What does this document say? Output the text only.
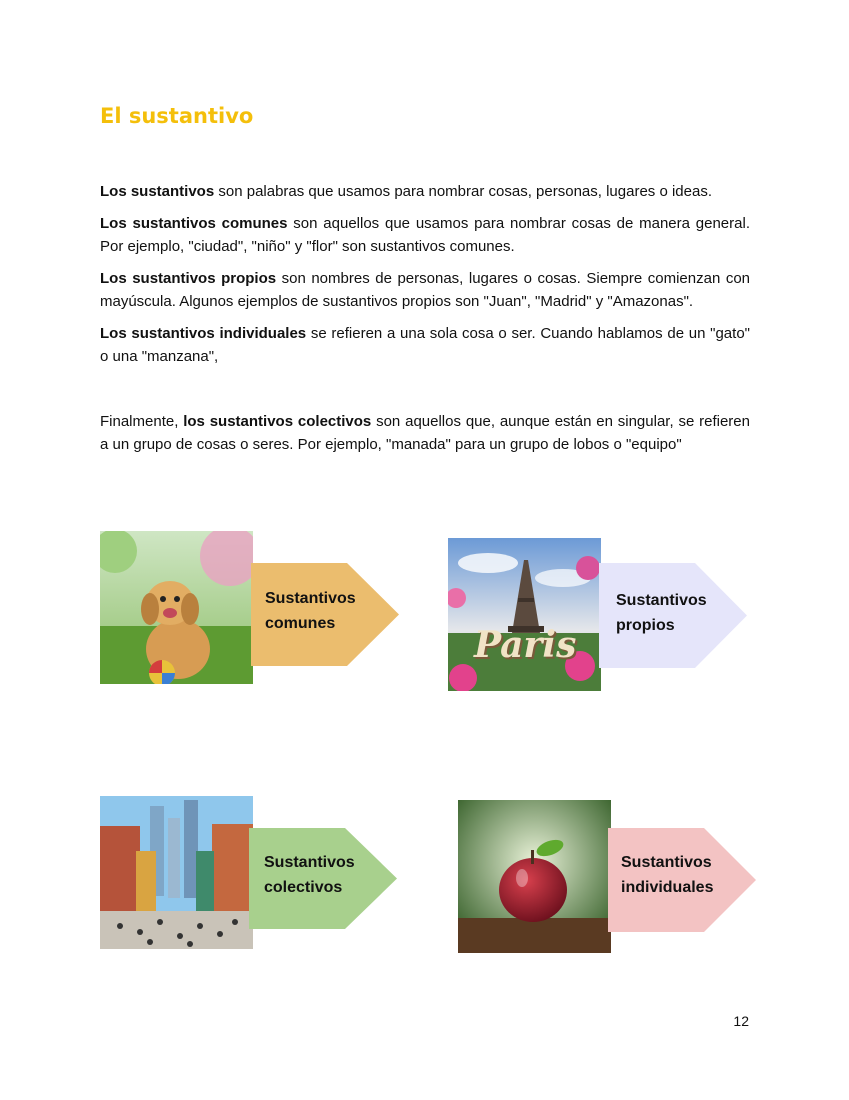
El sustantivo

Los sustantivos son palabras que usamos para nombrar cosas, personas, lugares o ideas.

Los sustantivos comunes son aquellos que usamos para nombrar cosas de manera general. Por ejemplo, "ciudad", "niño" y "flor" son sustantivos comunes.

Los sustantivos propios son nombres de personas, lugares o cosas. Siempre comienzan con mayúscula. Algunos ejemplos de sustantivos propios son "Juan", "Madrid" y "Amazonas".

Los sustantivos individuales se refieren a una sola cosa o ser. Cuando hablamos de un "gato" o una "manzana",

Finalmente, los sustantivos colectivos son aquellos que, aunque están en singular, se refieren a un grupo de cosas o seres. Por ejemplo, "manada" para un grupo de lobos o "equipo"

Sustantivos
comunes
Paris
Sustantivos
propios
Sustantivos
colectivos
Sustantivos
individuales
12
